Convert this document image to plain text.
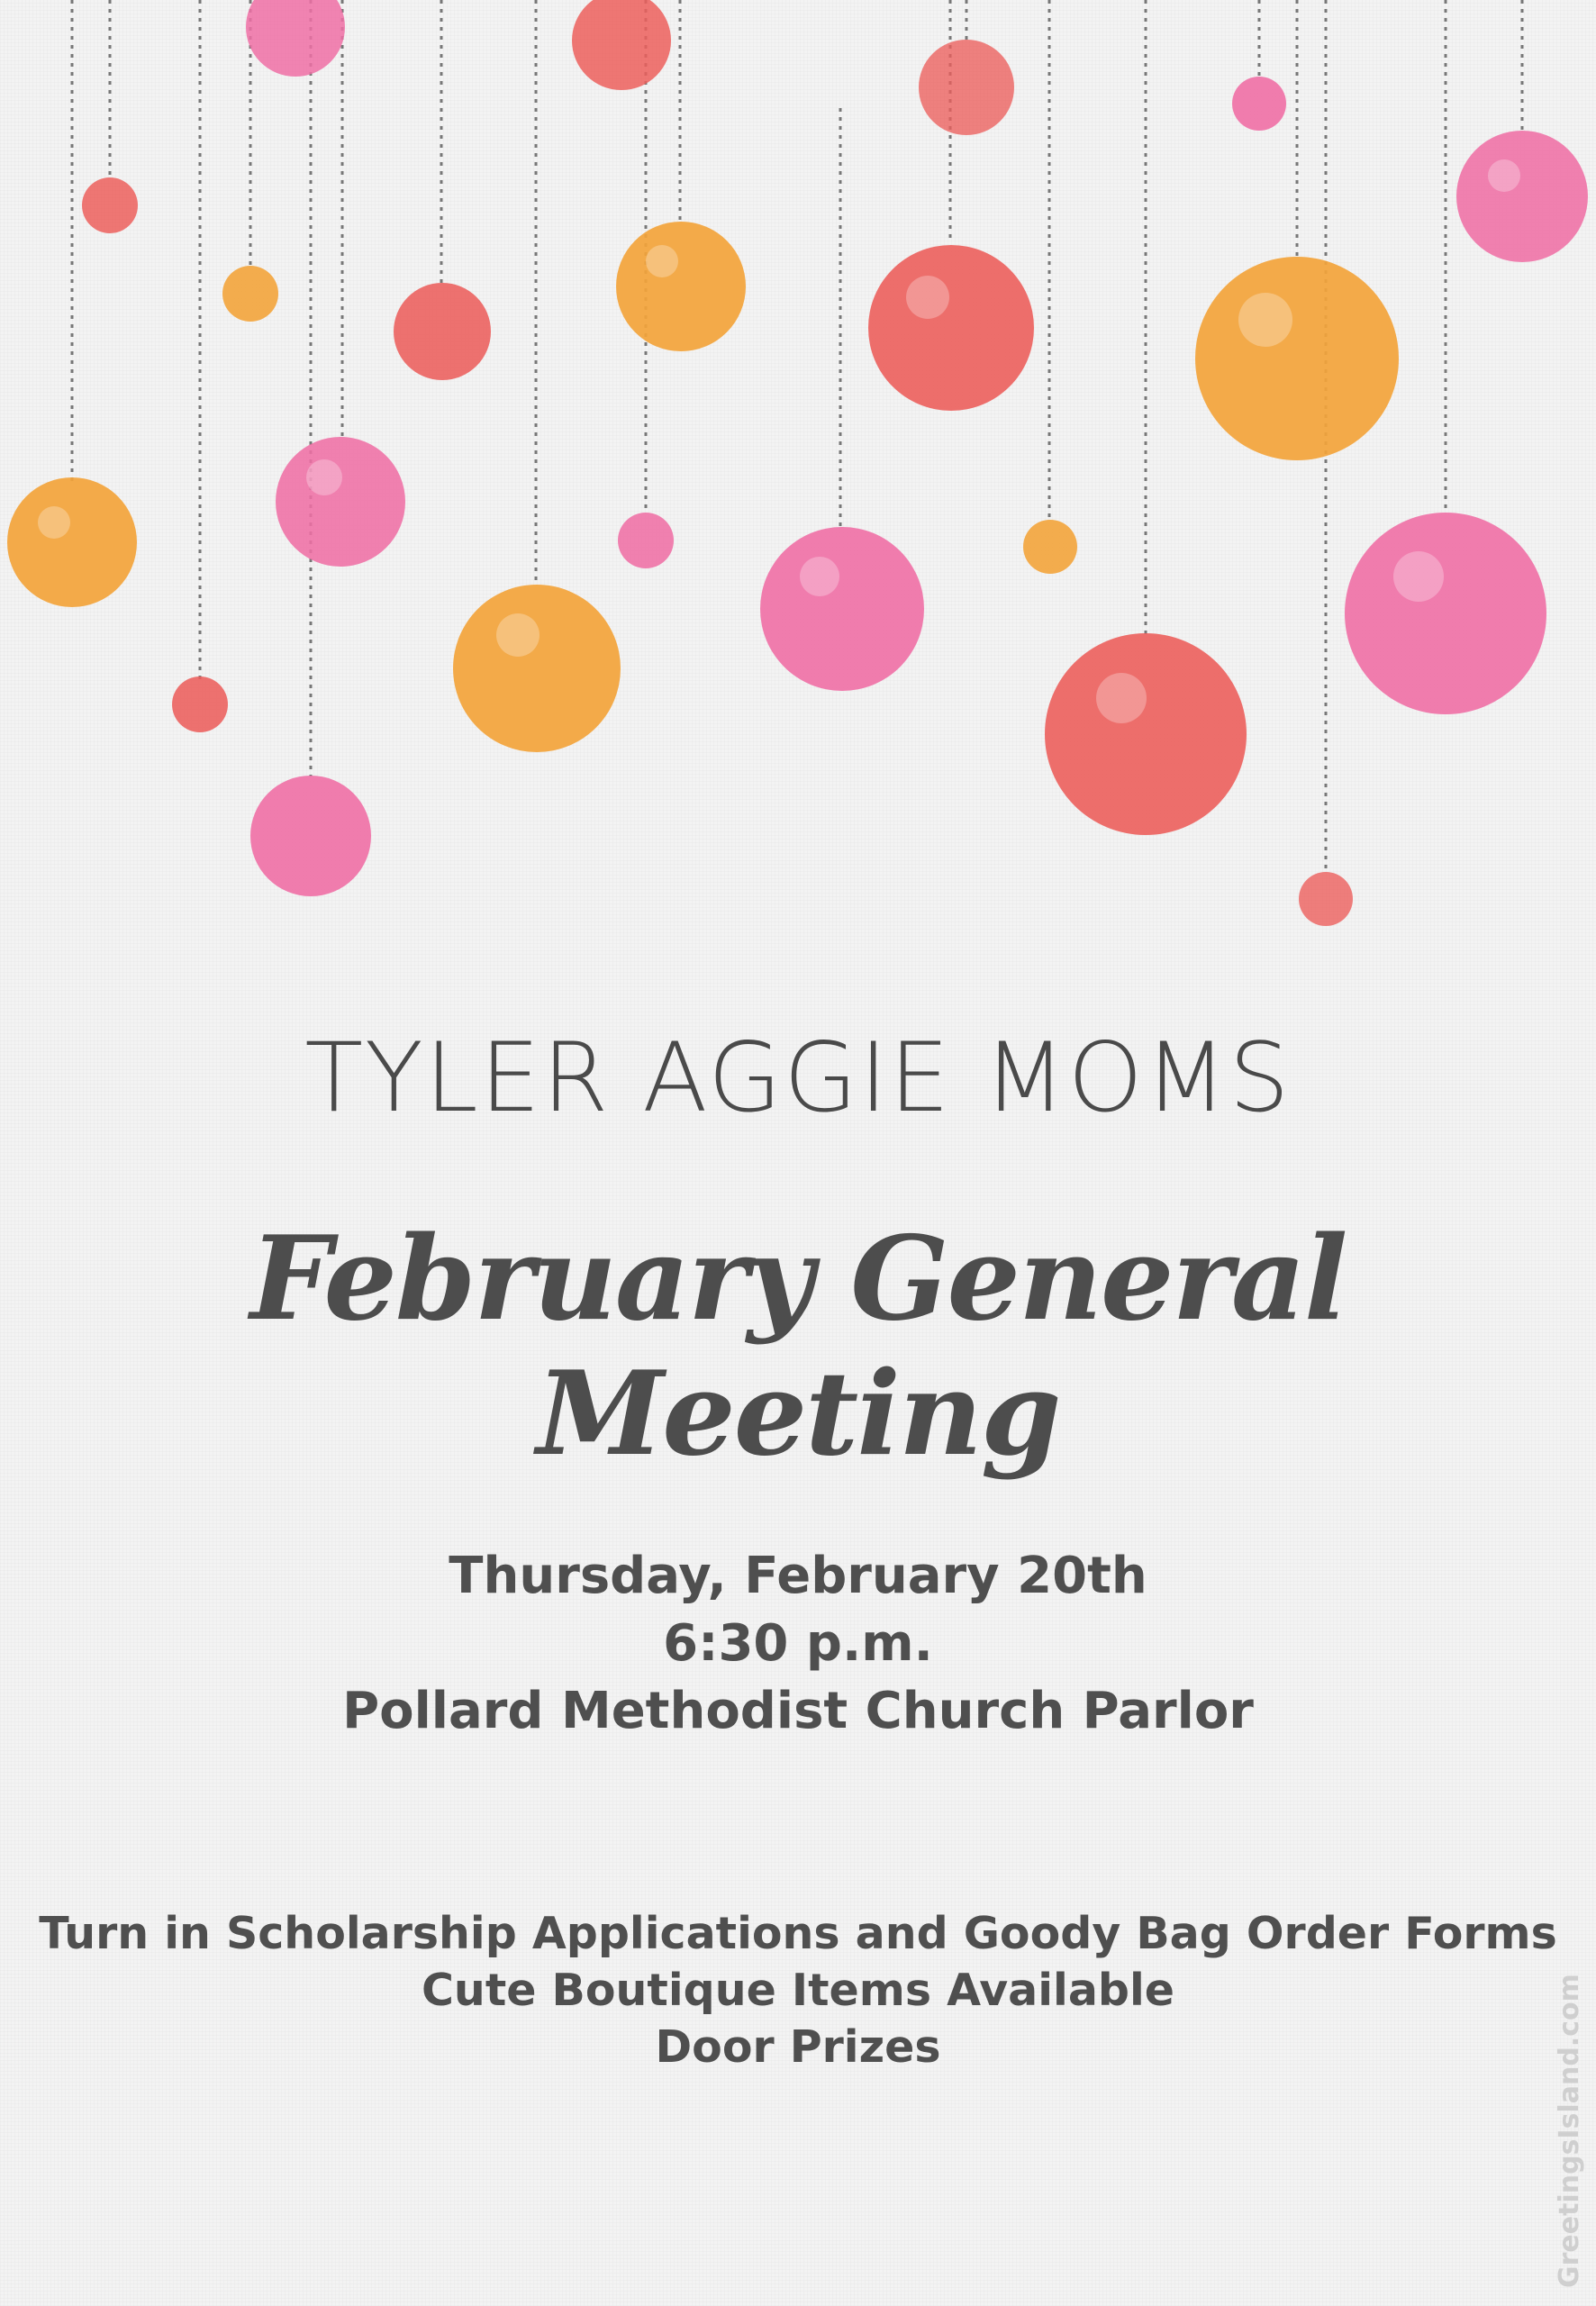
TYLER AGGIE MOMS
February General Meeting
Thursday, February 20th
6:30 p.m.
Pollard Methodist Church Parlor
Turn in Scholarship Applications and Goody Bag Order Forms
Cute Boutique Items Available
Door Prizes	GreetingsIsland.com
